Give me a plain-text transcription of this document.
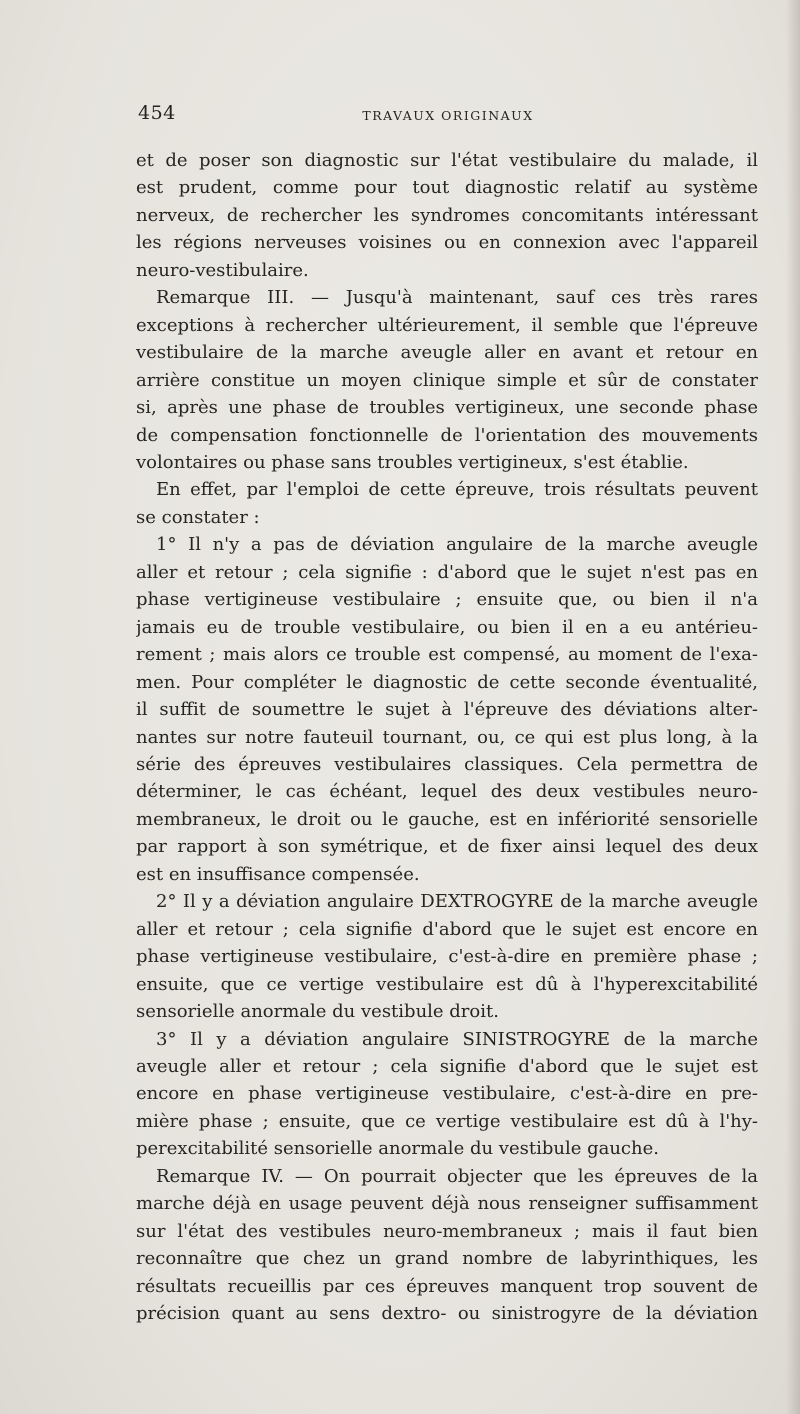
454	TRAVAUX ORIGINAUX
et de poser son diagnostic sur l'état vestibulaire du malade, il
est prudent, comme pour tout diagnostic relatif au système
nerveux, de rechercher les syndromes concomitants intéressant
les régions nerveuses voisines ou en connexion avec l'appareil
neuro-vestibulaire.
Remarque III. — Jusqu'à maintenant, sauf ces très rares
exceptions à rechercher ultérieurement, il semble que l'épreuve
vestibulaire de la marche aveugle aller en avant et retour en
arrière constitue un moyen clinique simple et sûr de constater
si, après une phase de troubles vertigineux, une seconde phase
de compensation fonctionnelle de l'orientation des mouvements
volontaires ou phase sans troubles vertigineux, s'est établie.
En effet, par l'emploi de cette épreuve, trois résultats peuvent
se constater :
1° Il n'y a pas de déviation angulaire de la marche aveugle
aller et retour ; cela signifie : d'abord que le sujet n'est pas en
phase vertigineuse vestibulaire ; ensuite que, ou bien il n'a
jamais eu de trouble vestibulaire, ou bien il en a eu antérieu-
rement ; mais alors ce trouble est compensé, au moment de l'exa-
men. Pour compléter le diagnostic de cette seconde éventualité,
il suffit de soumettre le sujet à l'épreuve des déviations alter-
nantes sur notre fauteuil tournant, ou, ce qui est plus long, à la
série des épreuves vestibulaires classiques. Cela permettra de
déterminer, le cas échéant, lequel des deux vestibules neuro-
membraneux, le droit ou le gauche, est en infériorité sensorielle
par rapport à son symétrique, et de fixer ainsi lequel des deux
est en insuffisance compensée.
2° Il y a déviation angulaire DEXTROGYRE de la marche aveugle
aller et retour ; cela signifie d'abord que le sujet est encore en
phase vertigineuse vestibulaire, c'est-à-dire en première phase ;
ensuite, que ce vertige vestibulaire est dû à l'hyperexcitabilité
sensorielle anormale du vestibule droit.
3° Il y a déviation angulaire SINISTROGYRE de la marche
aveugle aller et retour ; cela signifie d'abord que le sujet est
encore en phase vertigineuse vestibulaire, c'est-à-dire en pre-
mière phase ; ensuite, que ce vertige vestibulaire est dû à l'hy-
perexcitabilité sensorielle anormale du vestibule gauche.
Remarque IV. — On pourrait objecter que les épreuves de la
marche déjà en usage peuvent déjà nous renseigner suffisamment
sur l'état des vestibules neuro-membraneux ; mais il faut bien
reconnaître que chez un grand nombre de labyrinthiques, les
résultats recueillis par ces épreuves manquent trop souvent de
précision quant au sens dextro- ou sinistrogyre de la déviation
